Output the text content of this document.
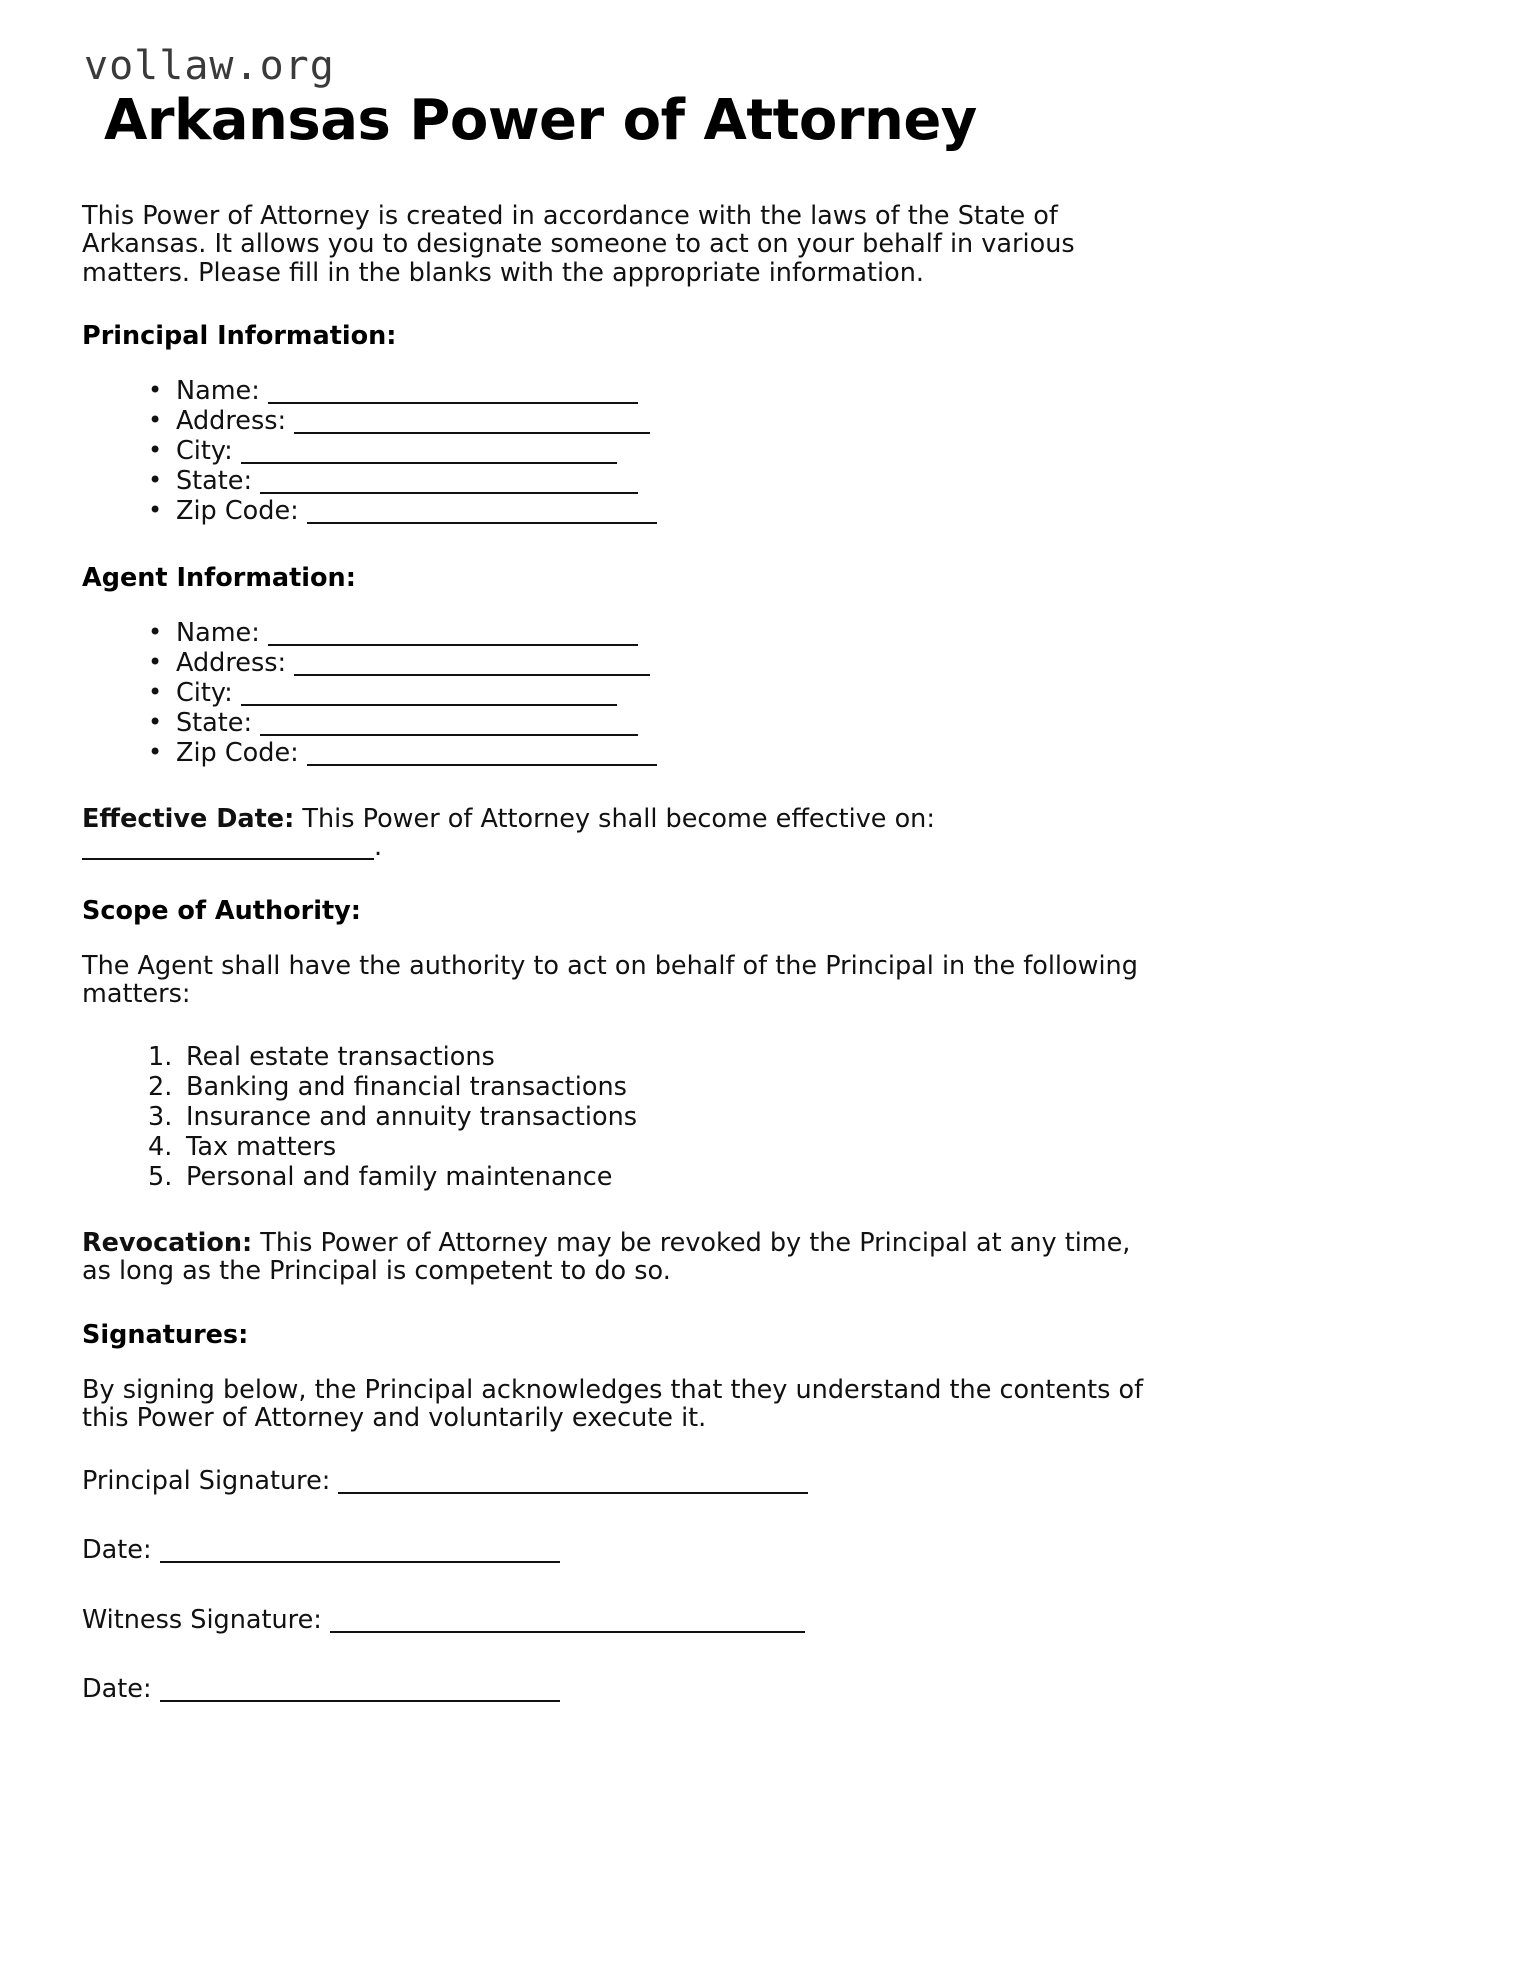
vollaw.org
Arkansas Power of Attorney

This Power of Attorney is created in accordance with the laws of the State of Arkansas. It allows you to designate someone to act on your behalf in various matters. Please fill in the blanks with the appropriate information.

Principal Information:
• Name:
• Address:
• City:
• State:
• Zip Code:
Agent Information:
• Name:
• Address:
• City:
• State:
• Zip Code:

Effective Date: This Power of Attorney shall become effective on: .

Scope of Authority:

The Agent shall have the authority to act on behalf of the Principal in the following matters:

Real estate transactions
Banking and financial transactions
Insurance and annuity transactions
Tax matters
Personal and family maintenance

Revocation: This Power of Attorney may be revoked by the Principal at any time, as long as the Principal is competent to do so.

Signatures:

By signing below, the Principal acknowledges that they understand the contents of this Power of Attorney and voluntarily execute it.

Principal Signature:
Date:
Witness Signature:
Date:
